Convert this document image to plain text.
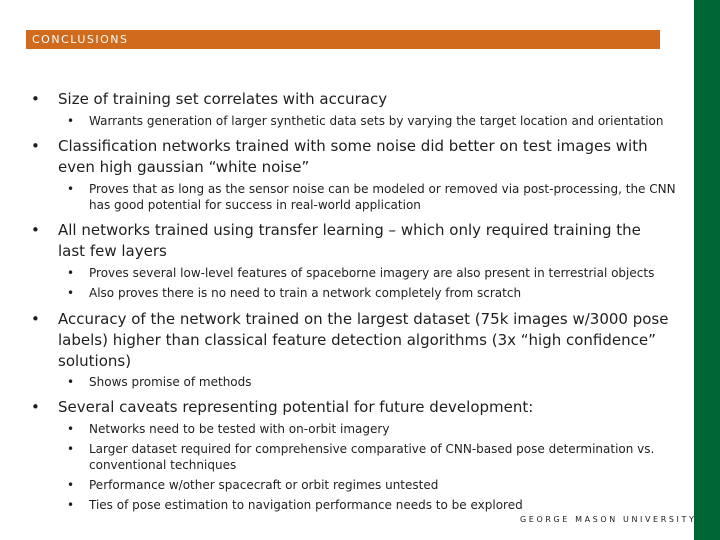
CONCLUSIONS
• Size of training set correlates with accuracy
• Warrants generation of larger synthetic data sets by varying the target location and orientation
• Classification networks trained with some noise did better on test images with
even high gaussian “white noise”
• Proves that as long as the sensor noise can be modeled or removed via post-processing, the CNN
has good potential for success in real-world application
• All networks trained using transfer learning – which only required training the
last few layers
• Proves several low-level features of spaceborne imagery are also present in terrestrial objects
• Also proves there is no need to train a network completely from scratch
• Accuracy of the network trained on the largest dataset (75k images w/3000 pose
labels) higher than classical feature detection algorithms (3x “high confidence”
solutions)
• Shows promise of methods
• Several caveats representing potential for future development:
• Networks need to be tested with on-orbit imagery
• Larger dataset required for comprehensive comparative of CNN-based pose determination vs.
conventional techniques
• Performance w/other spacecraft or orbit regimes untested
• Ties of pose estimation to navigation performance needs to be explored
GEORGE MASON UNIVERSITY
